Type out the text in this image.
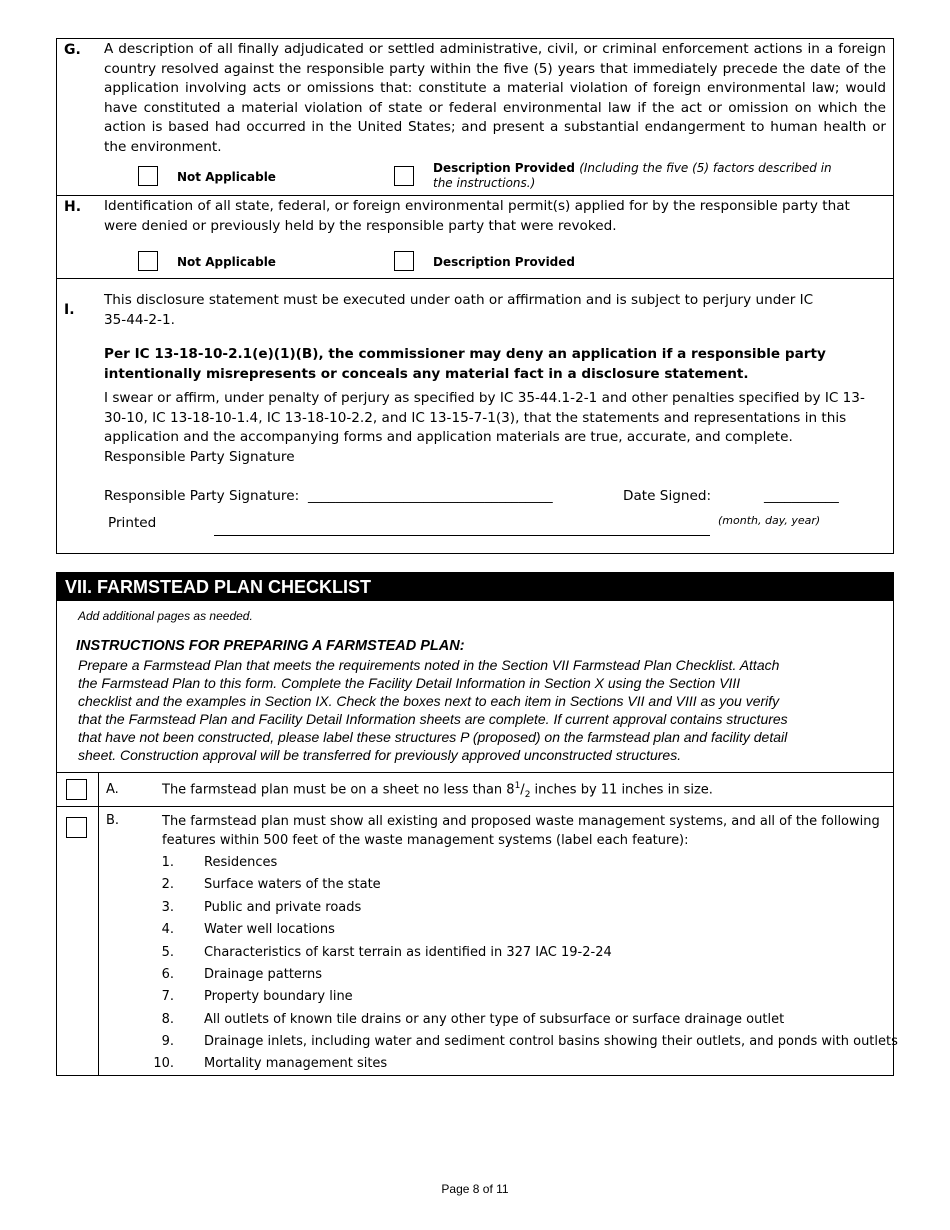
G. A description of all finally adjudicated or settled administrative, civil, or criminal enforcement actions in a foreign country resolved against the responsible party within the five (5) years that immediately precede the date of the application involving acts or omissions that: constitute a material violation of foreign environmental law; would have constituted a material violation of state or federal environmental law if the act or omission on which the action is based had occurred in the United States; and present a substantial endangerment to human health or the environment.
Not Applicable
Description Provided (Including the five (5) factors described in the instructions.)
H. Identification of all state, federal, or foreign environmental permit(s) applied for by the responsible party that were denied or previously held by the responsible party that were revoked.
Not Applicable	Description Provided
I.
This disclosure statement must be executed under oath or affirmation and is subject to perjury under IC 35-44-2-1.
Per IC 13-18-10-2.1(e)(1)(B), the commissioner may deny an application if a responsible party intentionally misrepresents or conceals any material fact in a disclosure statement.
I swear or affirm, under penalty of perjury as specified by IC 35-44.1-2-1 and other penalties specified by IC 13-30-10, IC 13-18-10-1.4, IC 13-18-10-2.2, and IC 13-15-7-1(3), that the statements and representations in this application and the accompanying forms and application materials are true, accurate, and complete.
Responsible Party Signature
Responsible Party Signature: ____________________________________	Date Signed:	___________
Printed	(month, day, year)
VII. FARMSTEAD PLAN CHECKLIST
Add additional pages as needed.
INSTRUCTIONS FOR PREPARING A FARMSTEAD PLAN:
Prepare a Farmstead Plan that meets the requirements noted in the Section VII Farmstead Plan Checklist. Attach
the Farmstead Plan to this form. Complete the Facility Detail Information in Section X using the Section VIII
checklist and the examples in Section IX. Check the boxes next to each item in Sections VII and VIII as you verify
that the Farmstead Plan and Facility Detail Information sheets are complete. If current approval contains structures
that have not been constructed, please label these structures P (proposed) on the farmstead plan and facility detail
sheet. Construction approval will be transferred for previously approved unconstructed structures.
A.	The farmstead plan must be on a sheet no less than $8^1/_2$ inches by 11 inches in size.
B.	The farmstead plan must show all existing and proposed waste management systems, and all of the following features within 500 feet of the waste management systems (label each feature):
1. Residences
2. Surface waters of the state
3. Public and private roads
4. Water well locations
5. Characteristics of karst terrain as identified in 327 IAC 19-2-24
6. Drainage patterns
7. Property boundary line
8. All outlets of known tile drains or any other type of subsurface or surface drainage outlet
9. Drainage inlets, including water and sediment control basins showing their outlets, and ponds with outlets
10. Mortality management sites
Page 8 of 11
